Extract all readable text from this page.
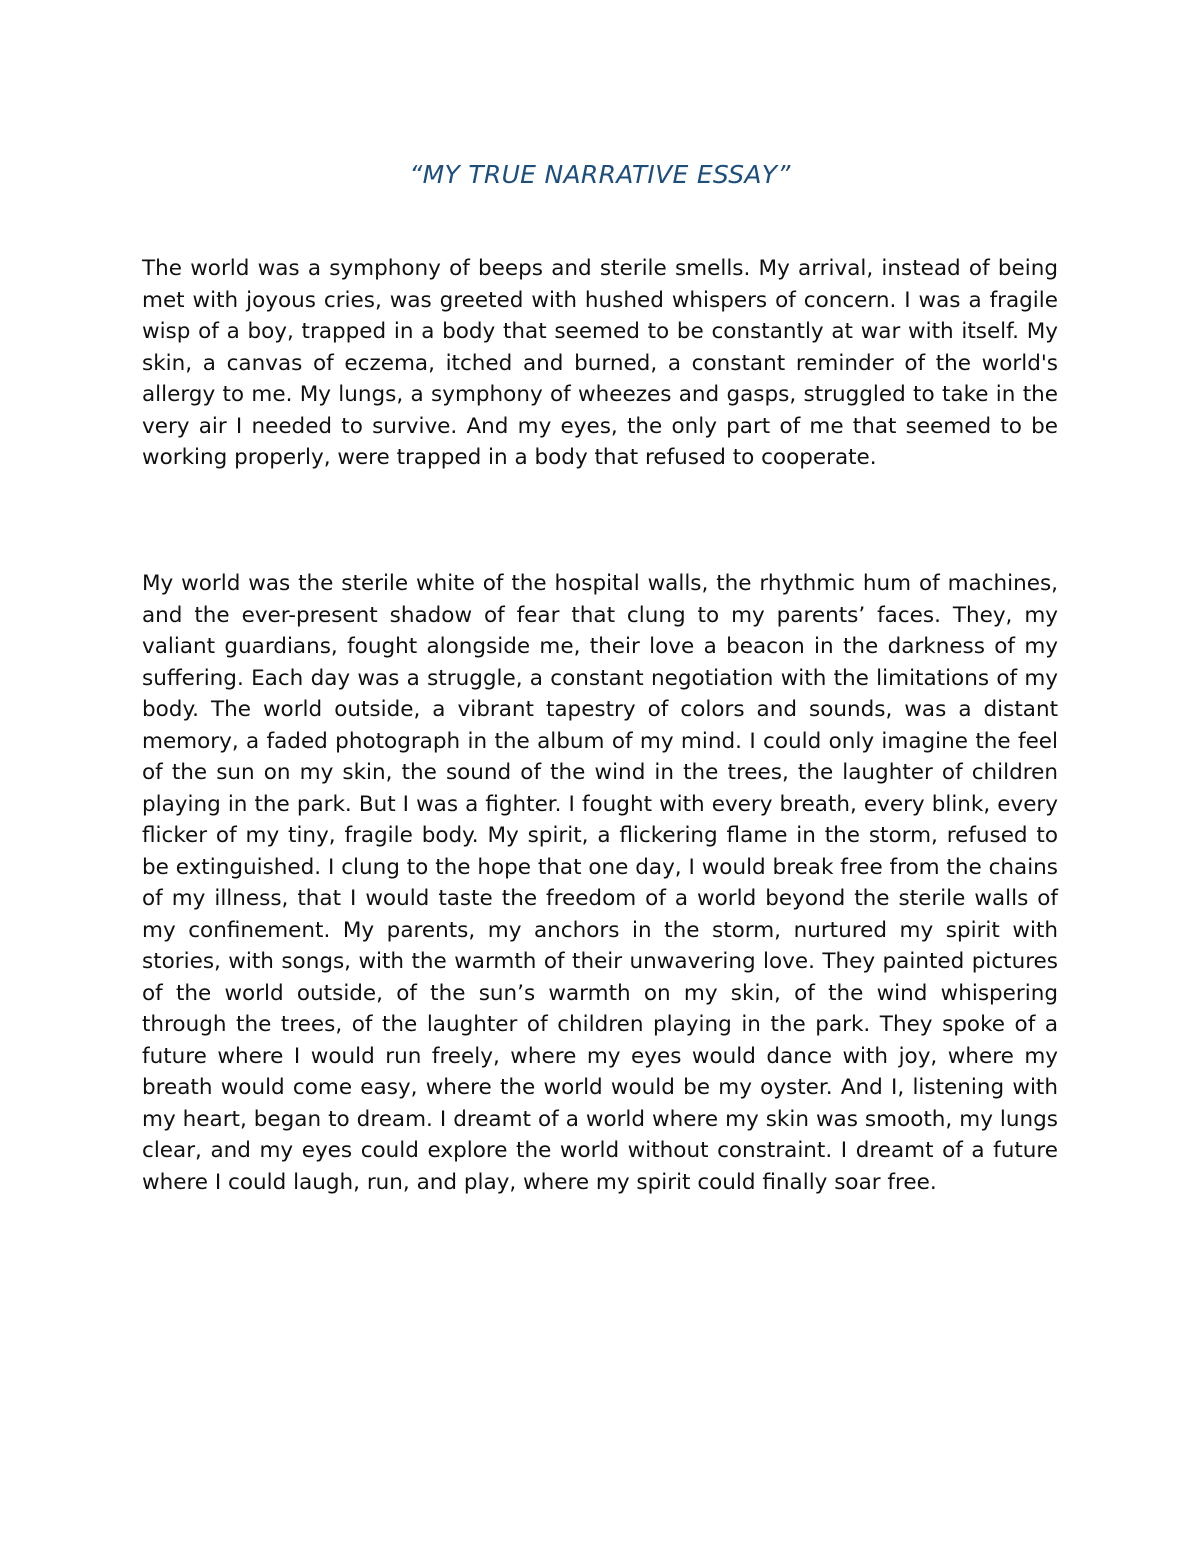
“MY TRUE NARRATIVE ESSAY”

The world was a symphony of beeps and sterile smells. My arrival, instead of being met with joyous cries, was greeted with hushed whispers of concern. I was a fragile wisp of a boy, trapped in a body that seemed to be constantly at war with itself. My skin, a canvas of eczema, itched and burned, a constant reminder of the world's allergy to me. My lungs, a symphony of wheezes and gasps, struggled to take in the very air I needed to survive. And my eyes, the only part of me that seemed to be working properly, were trapped in a body that refused to cooperate.

My world was the sterile white of the hospital walls, the rhythmic hum of machines, and the ever-present shadow of fear that clung to my parents’ faces. They, my valiant guardians, fought alongside me, their love a beacon in the darkness of my suffering. Each day was a struggle, a constant negotiation with the limitations of my body. The world outside, a vibrant tapestry of colors and sounds, was a distant memory, a faded photograph in the album of my mind. I could only imagine the feel of the sun on my skin, the sound of the wind in the trees, the laughter of children playing in the park. But I was a fighter. I fought with every breath, every blink, every flicker of my tiny, fragile body. My spirit, a flickering flame in the storm, refused to be extinguished. I clung to the hope that one day, I would break free from the chains of my illness, that I would taste the freedom of a world beyond the sterile walls of my confinement. My parents, my anchors in the storm, nurtured my spirit with stories, with songs, with the warmth of their unwavering love. They painted pictures of the world outside, of the sun’s warmth on my skin, of the wind whispering through the trees, of the laughter of children playing in the park. They spoke of a future where I would run freely, where my eyes would dance with joy, where my breath would come easy, where the world would be my oyster. And I, listening with my heart, began to dream. I dreamt of a world where my skin was smooth, my lungs clear, and my eyes could explore the world without constraint. I dreamt of a future where I could laugh, run, and play, where my spirit could finally soar free.
